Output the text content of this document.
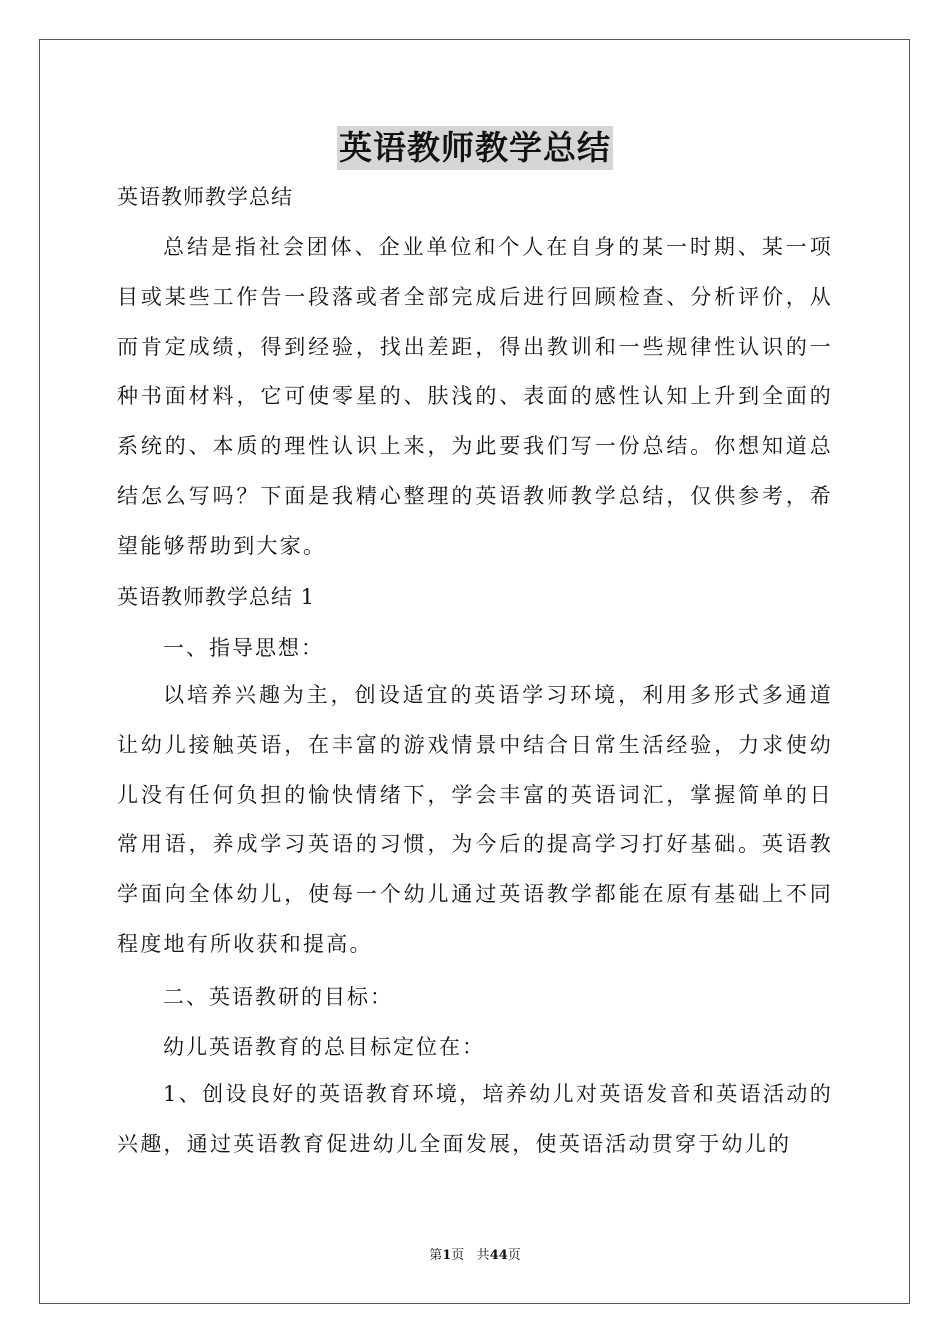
英语教师教学总结

英语教师教学总结

总结是指社会团体、企业单位和个人在自身的某一时期、某一项目或某些工作告一段落或者全部完成后进行回顾检查、分析评价，从而肯定成绩，得到经验，找出差距，得出教训和一些规律性认识的一种书面材料，它可使零星的、肤浅的、表面的感性认知上升到全面的系统的、本质的理性认识上来，为此要我们写一份总结。你想知道总结怎么写吗？下面是我精心整理的英语教师教学总结，仅供参考，希望能够帮助到大家。

英语教师教学总结 1

一、指导思想：

以培养兴趣为主，创设适宜的英语学习环境，利用多形式多通道让幼儿接触英语，在丰富的游戏情景中结合日常生活经验，力求使幼儿没有任何负担的愉快情绪下，学会丰富的英语词汇，掌握简单的日常用语，养成学习英语的习惯，为今后的提高学习打好基础。英语教学面向全体幼儿，使每一个幼儿通过英语教学都能在原有基础上不同程度地有所收获和提高。

二、英语教研的目标：

幼儿英语教育的总目标定位在：

1、创设良好的英语教育环境，培养幼儿对英语发音和英语活动的兴趣，通过英语教育促进幼儿全面发展，使英语活动贯穿于幼儿的

第1页 共44页
